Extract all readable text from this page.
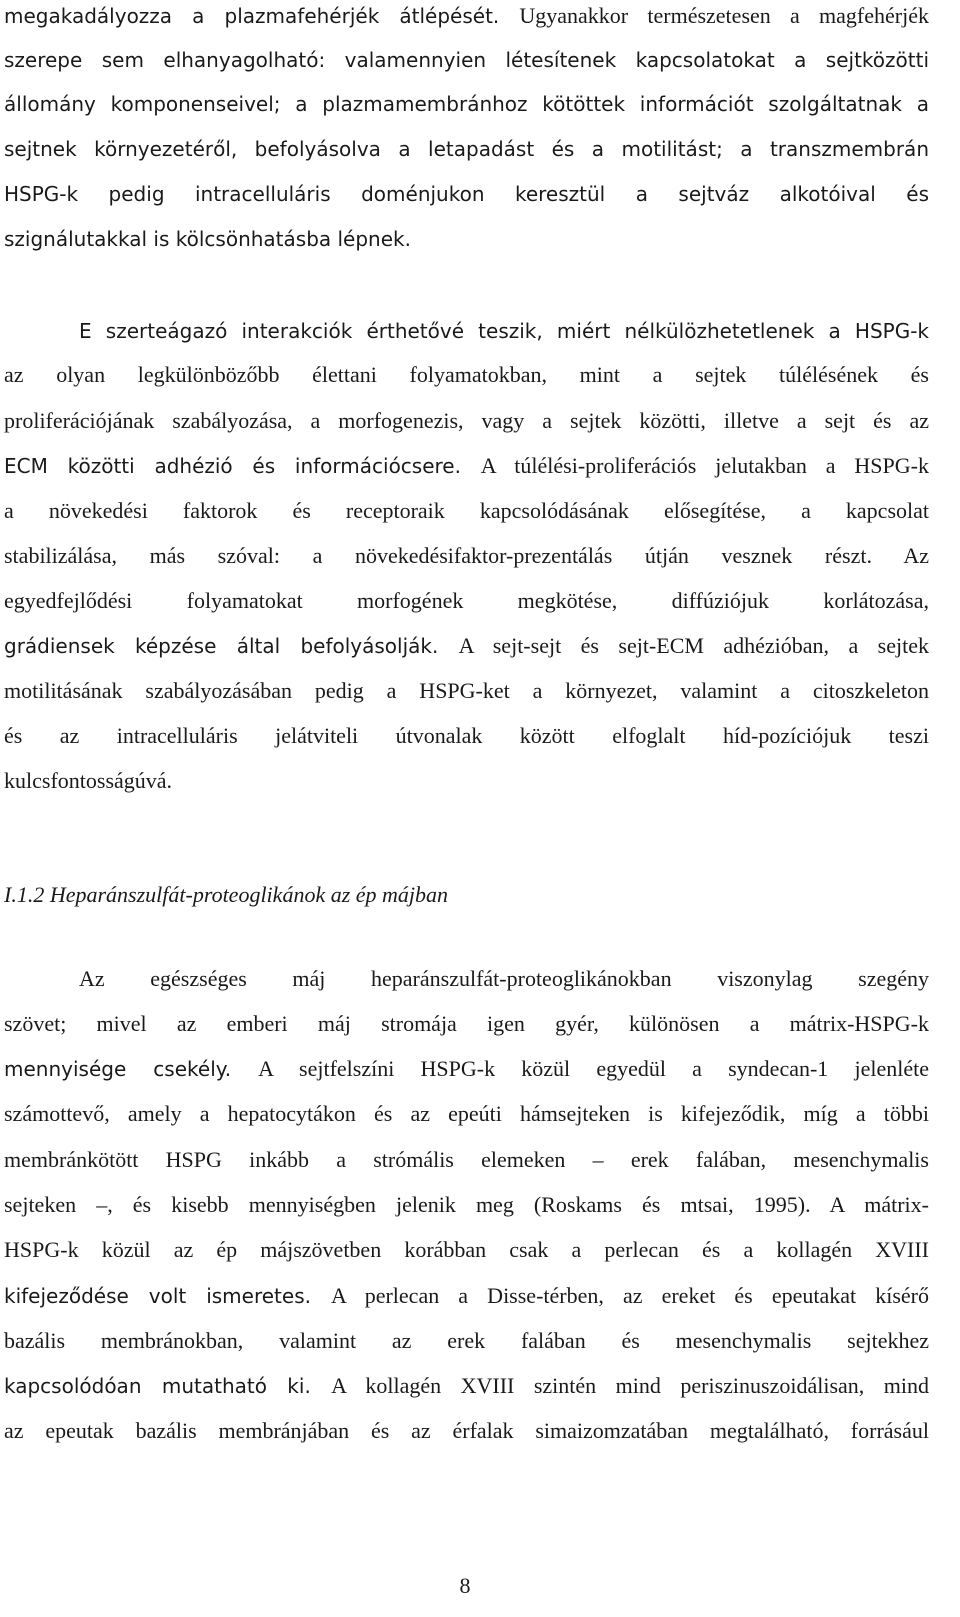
megakadályozza a plazmafehérjék átlépését. Ugyanakkor természetesen a magfehérjék
szerepe sem elhanyagolható: valamennyien létesítenek kapcsolatokat a sejtközötti
állomány komponenseivel; a plazmamembránhoz kötöttek információt szolgáltatnak a
sejtnek környezetéről, befolyásolva a letapadást és a motilitást; a transzmembrán
HSPG-k pedig intracelluláris doménjukon keresztül a sejtváz alkotóival és
szignálutakkal is kölcsönhatásba lépnek.
E szerteágazó interakciók érthetővé teszik, miért nélkülözhetetlenek a HSPG-k
az olyan legkülönbözőbb élettani folyamatokban, mint a sejtek túlélésének és
proliferációjának szabályozása, a morfogenezis, vagy a sejtek közötti, illetve a sejt és az
ECM közötti adhézió és információcsere. A túlélési-proliferációs jelutakban a HSPG-k
a növekedési faktorok és receptoraik kapcsolódásának elősegítése, a kapcsolat
stabilizálása, más szóval: a növekedésifaktor-prezentálás útján vesznek részt. Az
egyedfejlődési folyamatokat morfogének megkötése, diffúziójuk korlátozása,
grádiensek képzése által befolyásolják. A sejt-sejt és sejt-ECM adhézióban, a sejtek
motilitásának szabályozásában pedig a HSPG-ket a környezet, valamint a citoszkeleton
és az intracelluláris jelátviteli útvonalak között elfoglalt híd-pozíciójuk teszi
kulcsfontosságúvá.
I.1.2 Heparánszulfát-proteoglikánok az ép májban
Az egészséges máj heparánszulfát-proteoglikánokban viszonylag szegény
szövet; mivel az emberi máj stromája igen gyér, különösen a mátrix-HSPG-k
mennyisége csekély. A sejtfelszíni HSPG-k közül egyedül a syndecan-1 jelenléte
számottevő, amely a hepatocytákon és az epeúti hámsejteken is kifejeződik, míg a többi
membránkötött HSPG inkább a strómális elemeken – erek falában, mesenchymalis
sejteken –, és kisebb mennyiségben jelenik meg (Roskams és mtsai, 1995). A mátrix-
HSPG-k közül az ép májszövetben korábban csak a perlecan és a kollagén XVIII
kifejeződése volt ismeretes. A perlecan a Disse-térben, az ereket és epeutakat kísérő
bazális membránokban, valamint az erek falában és mesenchymalis sejtekhez
kapcsolódóan mutatható ki. A kollagén XVIII szintén mind periszinuszoidálisan, mind
az epeutak bazális membránjában és az érfalak simaizomzatában megtalálható, forrásául
8
